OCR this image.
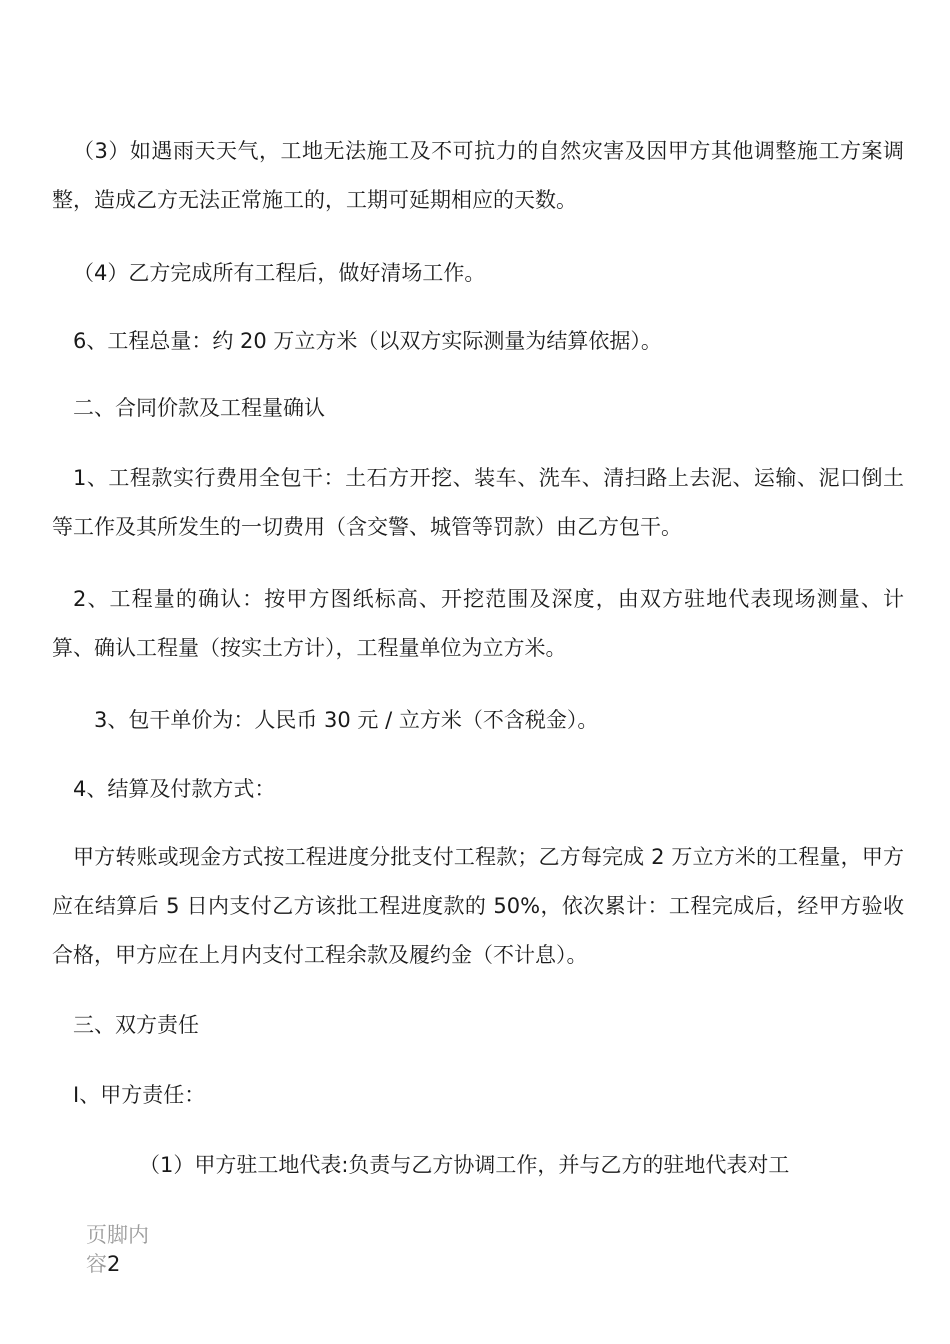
（3）如遇雨天天气，工地无法施工及不可抗力的自然灾害及因甲方其他调整施工方案调整，造成乙方无法正常施工的，工期可延期相应的天数。

（4）乙方完成所有工程后，做好清场工作。

6、工程总量：约 20 万立方米（以双方实际测量为结算依据）。

二、合同价款及工程量确认

1、工程款实行费用全包干：土石方开挖、装车、洗车、清扫路上去泥、运输、泥口倒土等工作及其所发生的一切费用（含交警、城管等罚款）由乙方包干。

2、工程量的确认：按甲方图纸标高、开挖范围及深度，由双方驻地代表现场测量、计算、确认工程量（按实土方计），工程量单位为立方米。

3、包干单价为：人民币 30 元 / 立方米（不含税金）。

4、结算及付款方式：

甲方转账或现金方式按工程进度分批支付工程款；乙方每完成 2 万立方米的工程量，甲方应在结算后 5 日内支付乙方该批工程进度款的 50%，依次累计：工程完成后，经甲方验收合格，甲方应在上月内支付工程余款及履约金（不计息）。

三、双方责任

I、甲方责任：

（1）甲方驻工地代表:负责与乙方协调工作，并与乙方的驻地代表对工

页脚内容2
